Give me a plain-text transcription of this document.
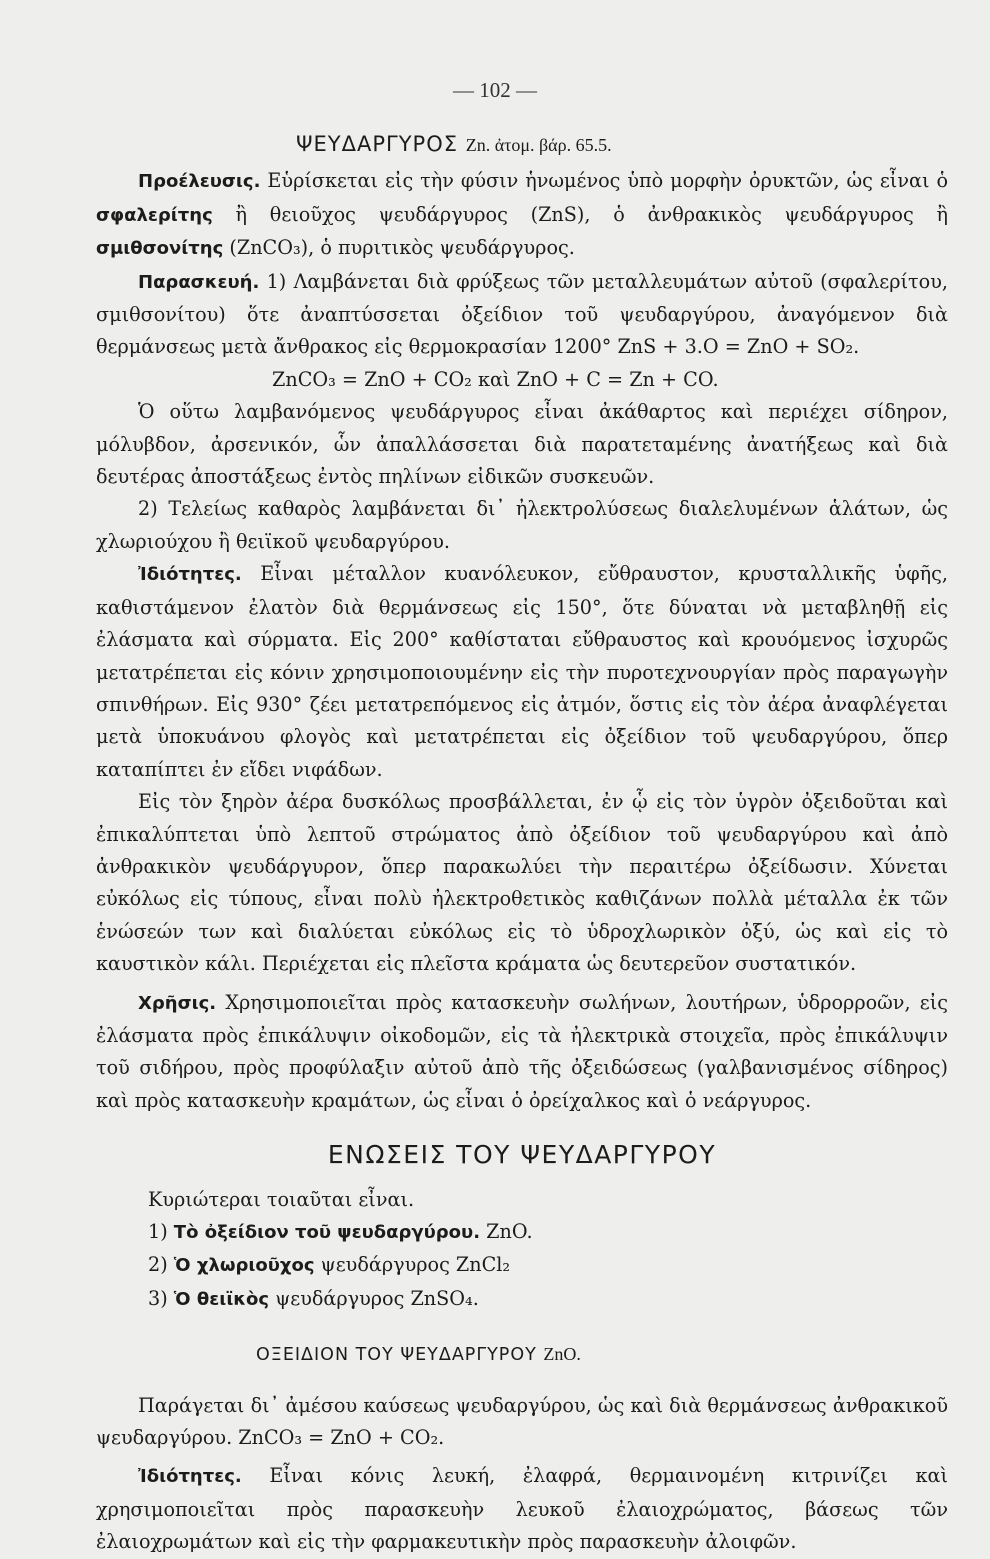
— 102 —

ΨΕΥΔΑΡΓΥΡΟΣ Zn. ἀτομ. βάρ. 65.5.

Προέλευσις. Εὑρίσκεται εἰς τὴν φύσιν ἡνωμένος ὑπὸ μορφὴν ὀρυκτῶν, ὡς εἶναι ὁ σφαλερίτης ἢ θειοῦχος ψευδάργυρος (ZnS), ὁ ἀνθρακικὸς ψευδάργυρος ἢ σμιθσονίτης (ZnCO₃), ὁ πυριτικὸς ψευδάργυρος.

Παρασκευή. 1) Λαμβάνεται διὰ φρύξεως τῶν μεταλλευμάτων αὐτοῦ (σφαλερίτου, σμιθσονίτου) ὅτε ἀναπτύσσεται ὀξείδιον τοῦ ψευδαργύρου, ἀναγόμενον διὰ θερμάνσεως μετὰ ἄνθρακος εἰς θερμοκρασίαν 1200° ZnS + 3.O = ZnO + SO₂.

ZnCO₃ = ZnO + CO₂ καὶ ZnO + C = Zn + CO.

Ὁ οὕτω λαμβανόμενος ψευδάργυρος εἶναι ἀκάθαρτος καὶ περιέχει σίδηρον, μόλυβδον, ἀρσενικόν, ὧν ἀπαλλάσσεται διὰ παρατεταμένης ἀνατήξεως καὶ διὰ δευτέρας ἀποστάξεως ἐντὸς πηλίνων εἰδικῶν συσκευῶν.

2) Τελείως καθαρὸς λαμβάνεται δι᾽ ἠλεκτρολύσεως διαλελυμένων ἁλάτων, ὡς χλωριούχου ἢ θειϊκοῦ ψευδαργύρου.

Ἰδιότητες. Εἶναι μέταλλον κυανόλευκον, εὔθραυστον, κρυσταλλικῆς ὑφῆς, καθιστάμενον ἐλατὸν διὰ θερμάνσεως εἰς 150°, ὅτε δύναται νὰ μεταβληθῇ εἰς ἐλάσματα καὶ σύρματα. Εἰς 200° καθίσταται εὔθραυστος καὶ κρουόμενος ἰσχυρῶς μετατρέπεται εἰς κόνιν χρησιμοποιουμένην εἰς τὴν πυροτεχνουργίαν πρὸς παραγωγὴν σπινθήρων. Εἰς 930° ζέει μετατρεπόμενος εἰς ἀτμόν, ὅστις εἰς τὸν ἀέρα ἀναφλέγεται μετὰ ὑποκυάνου φλογὸς καὶ μετατρέπεται εἰς ὀξείδιον τοῦ ψευδαργύρου, ὅπερ καταπίπτει ἐν εἴδει νιφάδων.

Εἰς τὸν ξηρὸν ἀέρα δυσκόλως προσβάλλεται, ἐν ᾧ εἰς τὸν ὑγρὸν ὀξειδοῦται καὶ ἐπικαλύπτεται ὑπὸ λεπτοῦ στρώματος ἀπὸ ὀξείδιον τοῦ ψευδαργύρου καὶ ἀπὸ ἀνθρακικὸν ψευδάργυρον, ὅπερ παρακωλύει τὴν περαιτέρω ὀξείδωσιν. Χύνεται εὐκόλως εἰς τύπους, εἶναι πολὺ ἠλεκτροθετικὸς καθιζάνων πολλὰ μέταλλα ἐκ τῶν ἑνώσεών των καὶ διαλύεται εὐκόλως εἰς τὸ ὑδροχλωρικὸν ὀξύ, ὡς καὶ εἰς τὸ καυστικὸν κάλι. Περιέχεται εἰς πλεῖστα κράματα ὡς δευτερεῦον συστατικόν.

Χρῆσις. Χρησιμοποιεῖται πρὸς κατασκευὴν σωλήνων, λουτήρων, ὑδρορροῶν, εἰς ἐλάσματα πρὸς ἐπικάλυψιν οἰκοδομῶν, εἰς τὰ ἠλεκτρικὰ στοιχεῖα, πρὸς ἐπικάλυψιν τοῦ σιδήρου, πρὸς προφύλαξιν αὐτοῦ ἀπὸ τῆς ὀξειδώσεως (γαλβανισμένος σίδηρος) καὶ πρὸς κατασκευὴν κραμάτων, ὡς εἶναι ὁ ὀρείχαλκος καὶ ὁ νεάργυρος.

ΕΝΩΣΕΙΣ ΤΟΥ ΨΕΥΔΑΡΓΥΡΟΥ

Κυριώτεραι τοιαῦται εἶναι.

1) Τὸ ὀξείδιον τοῦ ψευδαργύρου. ZnO.

2) Ὁ χλωριοῦχος ψευδάργυρος ZnCl₂

3) Ὁ θειϊκὸς ψευδάργυρος ZnSO₄.

ΟΞΕΙΔΙΟΝ ΤΟΥ ΨΕΥΔΑΡΓΥΡΟΥ ZnO.

Παράγεται δι᾽ ἀμέσου καύσεως ψευδαργύρου, ὡς καὶ διὰ θερμάνσεως ἀνθρακικοῦ ψευδαργύρου. ZnCO₃ = ZnO + CO₂.

Ἰδιότητες. Εἶναι κόνις λευκή, ἐλαφρά, θερμαινομένη κιτρινίζει καὶ χρησιμοποιεῖται πρὸς παρασκευὴν λευκοῦ ἐλαιοχρώματος, βάσεως τῶν ἐλαιοχρωμάτων καὶ εἰς τὴν φαρμακευτικὴν πρὸς παρασκευὴν ἀλοιφῶν.
